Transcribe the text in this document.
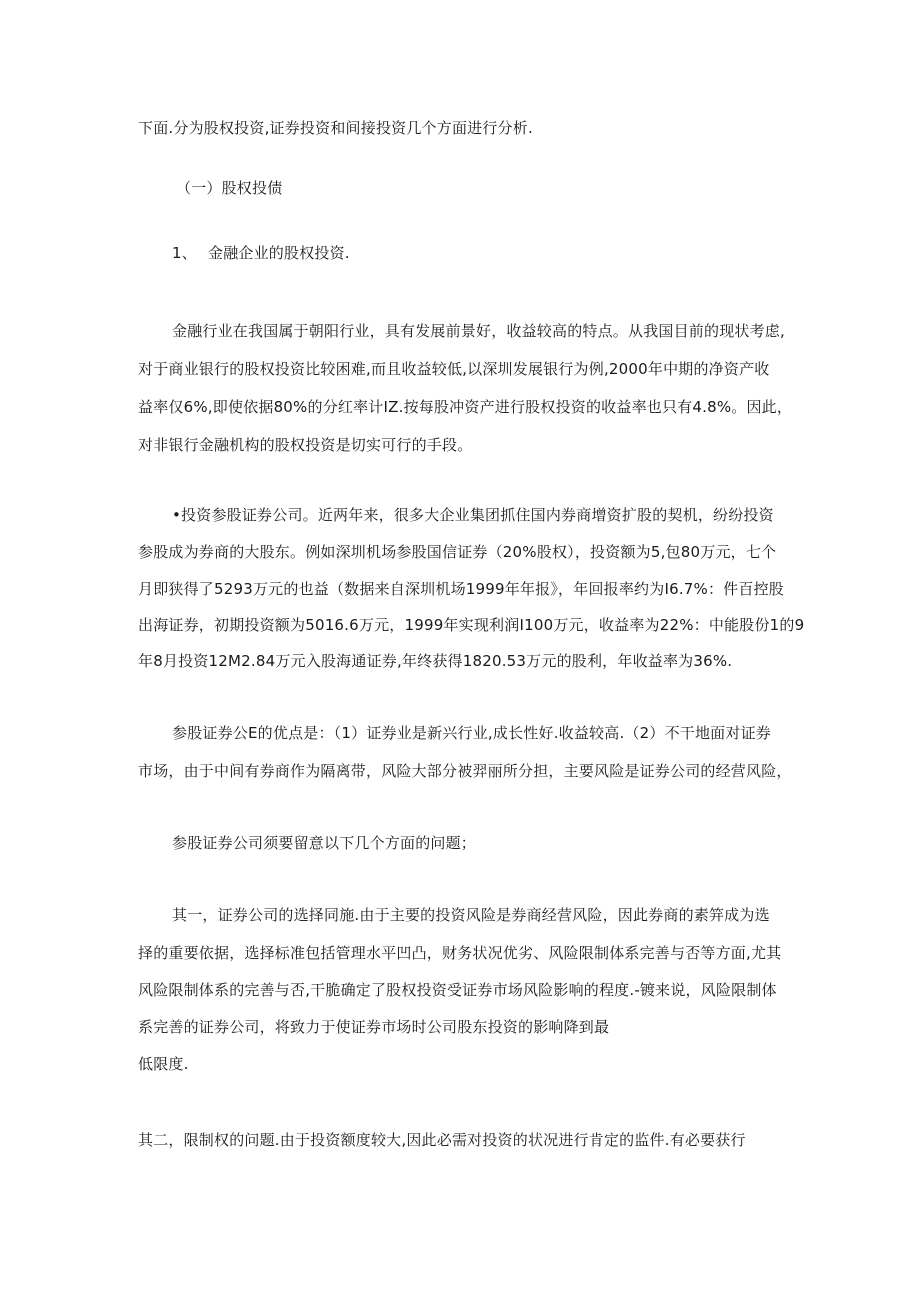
下面.分为股权投资,证券投资和间接投资几个方面进行分析.
（一）股权投债
1、 金融企业的股权投资.
金融行业在我国属于朝阳行业，具有发展前景好，收益较高的特点。从我国目前的现状考虑,
对于商业银行的股权投资比较困难,而且收益较低,以深圳发展银行为例,2000年中期的净资产收
益率仅6%,即使依据80%的分红率计IZ.按每股冲资产进行股权投资的收益率也只有4.8%。因此，
对非银行金融机构的股权投资是切实可行的手段。
•投资参股证券公司。近两年来，很多大企业集团抓住国内券商增资扩股的契机，纷纷投资
参股成为券商的大股东。例如深圳机场参股国信证券（20%股权），投资额为5,包80万元，七个
月即狭得了5293万元的也益（数据来自深圳机场1999年年报》，年回报率约为I6.7%：件百控股
出海证券，初期投资额为5016.6万元，1999年实现利润I100万元，收益率为22%：中能股份1的9
年8月投资12M2.84万元入股海通证券,年终获得1820.53万元的股利，年收益率为36%.
参股证券公E的优点是：（1）证券业是新兴行业,成长性好.收益较高.（2）不干地面对证券
市场，由于中间有券商作为隔离带，风险大部分被羿丽所分担，主要风险是证券公司的经营风险，
参股证券公司须要留意以下几个方面的问题；
其一，证券公司的选择同施.由于主要的投资风险是券商经营风险，因此券商的素笄成为选
择的重要依据，选择标准包括管理水平凹凸，财务状况优劣、风险限制体系完善与否等方面,尤其
风险限制体系的完善与否,干脆确定了股权投资受证券市场风险影响的程度.-镀来说，风险限制体
系完善的证券公司，将致力于使证券市场时公司股东投资的影响降到最
低限度.
其二，限制权的问题.由于投资额度较大,因此必需对投资的状况进行肯定的监件.有必要获行
